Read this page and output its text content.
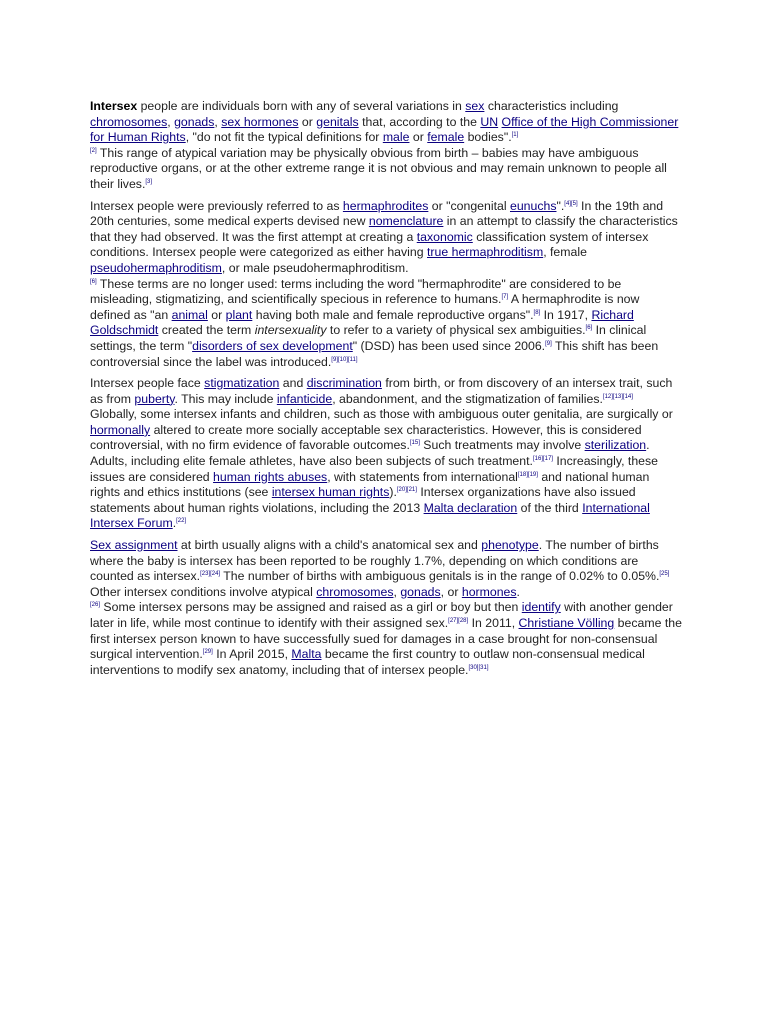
Intersex people are individuals born with any of several variations in sex characteristics including chromosomes, gonads, sex hormones or genitals that, according to the UN Office of the High Commissioner for Human Rights, "do not fit the typical definitions for male or female bodies".[1]
[2] This range of atypical variation may be physically obvious from birth – babies may have ambiguous reproductive organs, or at the other extreme range it is not obvious and may remain unknown to people all their lives.[3]

Intersex people were previously referred to as hermaphrodites or "congenital eunuchs".[4][5] In the 19th and 20th centuries, some medical experts devised new nomenclature in an attempt to classify the characteristics that they had observed. It was the first attempt at creating a taxonomic classification system of intersex conditions. Intersex people were categorized as either having true hermaphroditism, female pseudohermaphroditism, or male pseudohermaphroditism.
[6] These terms are no longer used: terms including the word "hermaphrodite" are considered to be misleading, stigmatizing, and scientifically specious in reference to humans.[7] A hermaphrodite is now defined as "an animal or plant having both male and female reproductive organs".[8] In 1917, Richard Goldschmidt created the term intersexuality to refer to a variety of physical sex ambiguities.[6] In clinical settings, the term "disorders of sex development" (DSD) has been used since 2006.[9] This shift has been controversial since the label was introduced.[9][10][11]

Intersex people face stigmatization and discrimination from birth, or from discovery of an intersex trait, such as from puberty. This may include infanticide, abandonment, and the stigmatization of families.[12][13][14] Globally, some intersex infants and children, such as those with ambiguous outer genitalia, are surgically or hormonally altered to create more socially acceptable sex characteristics. However, this is considered controversial, with no firm evidence of favorable outcomes.[15] Such treatments may involve sterilization. Adults, including elite female athletes, have also been subjects of such treatment.[16][17] Increasingly, these issues are considered human rights abuses, with statements from international[18][19] and national human rights and ethics institutions (see intersex human rights).[20][21] Intersex organizations have also issued statements about human rights violations, including the 2013 Malta declaration of the third International Intersex Forum.[22]

Sex assignment at birth usually aligns with a child's anatomical sex and phenotype. The number of births where the baby is intersex has been reported to be roughly 1.7%, depending on which conditions are counted as intersex.[23][24] The number of births with ambiguous genitals is in the range of 0.02% to 0.05%.[25] Other intersex conditions involve atypical chromosomes, gonads, or hormones.
[26] Some intersex persons may be assigned and raised as a girl or boy but then identify with another gender later in life, while most continue to identify with their assigned sex.[27][28] In 2011, Christiane Völling became the first intersex person known to have successfully sued for damages in a case brought for non-consensual surgical intervention.[29] In April 2015, Malta became the first country to outlaw non-consensual medical interventions to modify sex anatomy, including that of intersex people.[30][31]
